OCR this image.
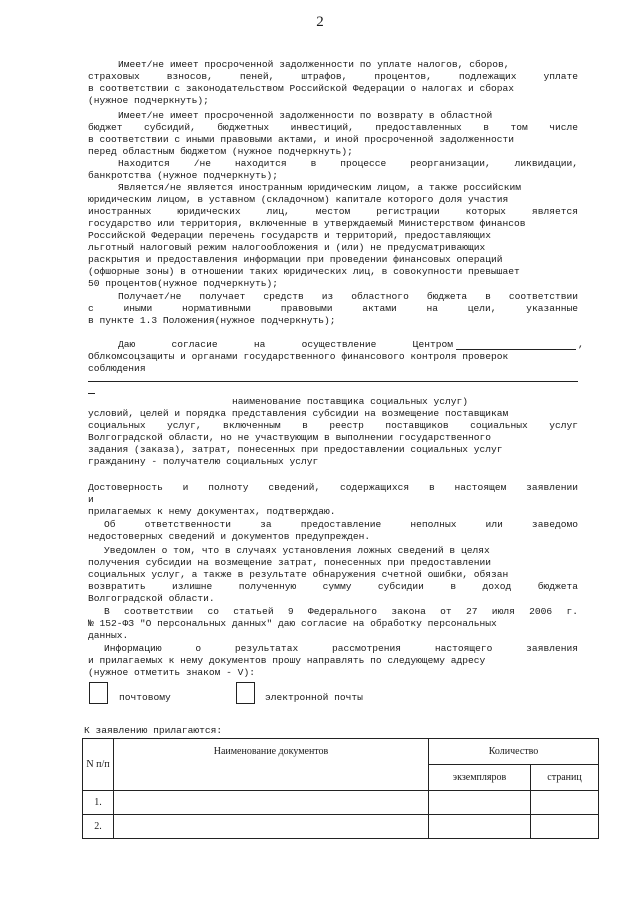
2
Имеет/не имеет просроченной задолженности по уплате налогов, сборов,
страховых взносов, пеней, штрафов, процентов, подлежащих уплате
в соответствии с законодательством Российской Федерации о налогах и сборах
(нужное подчеркнуть);
Имеет/не имеет просроченной задолженности по возврату в областной
бюджет субсидий, бюджетных инвестиций, предоставленных в том числе
в соответствии с иными правовыми актами, и иной просроченной задолженности
перед областным бюджетом (нужное подчеркнуть);
Находится /не находится в процессе реорганизации, ликвидации,
банкротства (нужное подчеркнуть);
Является/не является иностранным юридическим лицом, а также российским
юридическим лицом, в уставном (складочном) капитале которого доля участия
иностранных юридических лиц, местом регистрации которых является
государство или территория, включенные в утверждаемый Министерством финансов
Российской Федерации перечень государств и территорий, предоставляющих
льготный налоговый режим налогообложения и (или) не предусматривающих
раскрытия и предоставления информации при проведении финансовых операций
(офшорные зоны) в отношении таких юридических лиц, в совокупности превышает
50 процентов(нужное подчеркнуть);
Получает/не получает средств из областного бюджета в соответствии
с иными нормативными правовыми актами на цели, указанные
в пункте 1.3 Положения(нужное подчеркнуть);
Даю согласие на осуществление Центром	,
Облкомсоцзащиты и органами государственного финансового контроля проверок
соблюдения
наименование поставщика социальных услуг)
условий, целей и порядка представления субсидии на возмещение поставщикам
социальных услуг, включенным в реестр поставщиков социальных услуг
Волгоградской области, но не участвующим в выполнении государственного
задания (заказа), затрат, понесенных при предоставлении социальных услуг
гражданину - получателю социальных услуг
Достоверность и полноту сведений, содержащихся в настоящем заявлении
и
прилагаемых к нему документах, подтверждаю.
Об ответственности за предоставление неполных или заведомо
недостоверных сведений и документов предупрежден.
Уведомлен о том, что в случаях установления ложных сведений в целях
получения субсидии на возмещение затрат, понесенных при предоставлении
социальных услуг, а также в результате обнаружения счетной ошибки, обязан
возвратить излишне полученную сумму субсидии в доход бюджета
Волгоградской области.
В соответствии со статьей 9 Федерального закона от 27 июля 2006 г.
№ 152-ФЗ "О персональных данных" даю согласие на обработку персональных
данных.
Информацию о результатах рассмотрения настоящего заявления
и прилагаемых к нему документов прошу направлять по следующему адресу
(нужное отметить знаком - V):
почтовому	электронной почты
К заявлению прилагаются:
N п/п	Наименование документов	Количество	
		экземпляров	страниц
1.			
2.			
